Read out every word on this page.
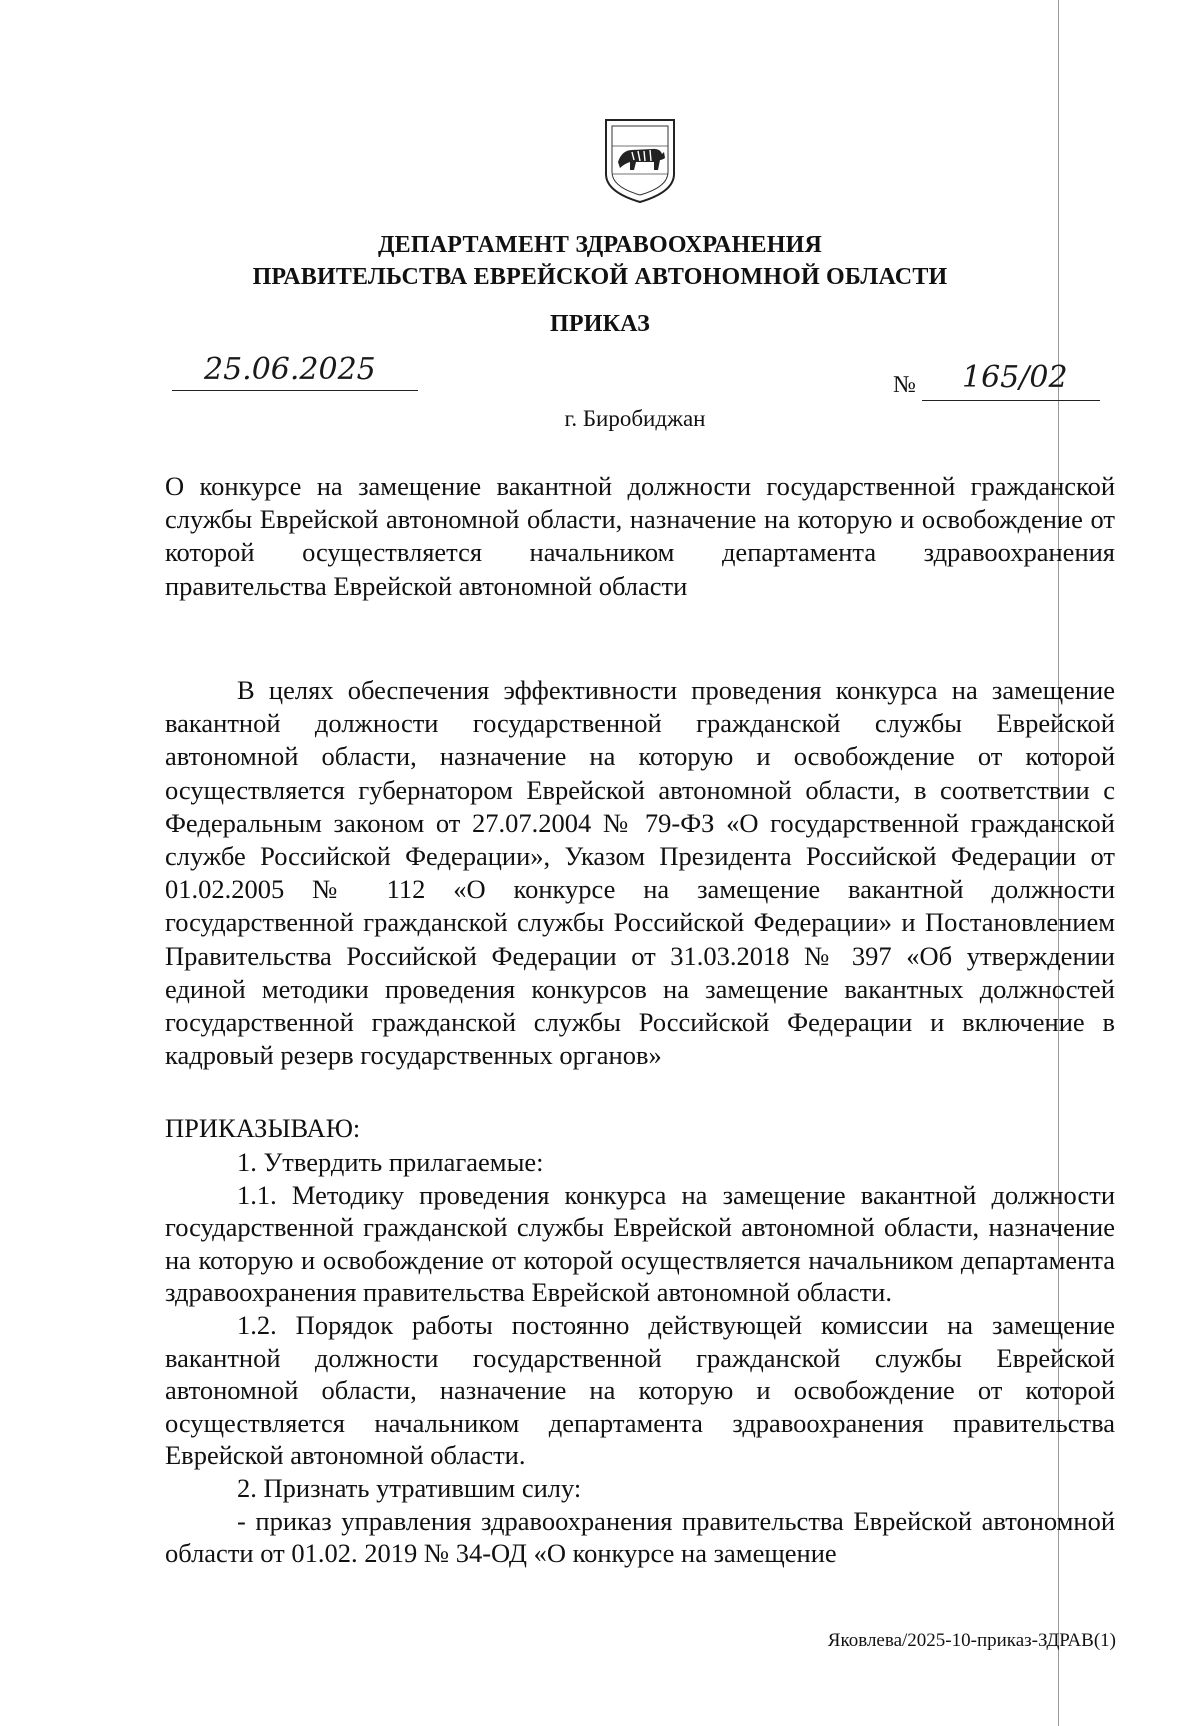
ДЕПАРТАМЕНТ ЗДРАВООХРАНЕНИЯ
ПРАВИТЕЛЬСТВА ЕВРЕЙСКОЙ АВТОНОМНОЙ ОБЛАСТИ
ПРИКАЗ
25.06.2025	№ 165/02
г. Биробиджан

О конкурсе на замещение вакантной должности государственной гражданской службы Еврейской автономной области, назначение на которую и освобождение от которой осуществляется начальником департамента здравоохранения правительства Еврейской автономной области

В целях обеспечения эффективности проведения конкурса на замещение вакантной должности государственной гражданской службы Еврейской автономной области, назначение на которую и освобождение от которой осуществляется губернатором Еврейской автономной области, в соответствии с Федеральным законом от 27.07.2004 № 79-ФЗ «О государственной гражданской службе Российской Федерации», Указом Президента Российской Федерации от 01.02.2005 № 112 «О конкурсе на замещение вакантной должности государственной гражданской службы Российской Федерации» и Постановлением Правительства Российской Федерации от 31.03.2018 № 397 «Об утверждении единой методики проведения конкурсов на замещение вакантных должностей государственной гражданской службы Российской Федерации и включение в кадровый резерв государственных органов»

ПРИКАЗЫВАЮ:

1. Утвердить прилагаемые:

1.1. Методику проведения конкурса на замещение вакантной должности государственной гражданской службы Еврейской автономной области, назначение на которую и освобождение от которой осуществляется начальником департамента здравоохранения правительства Еврейской автономной области.

1.2. Порядок работы постоянно действующей комиссии на замещение вакантной должности государственной гражданской службы Еврейской автономной области, назначение на которую и освобождение от которой осуществляется начальником департамента здравоохранения правительства Еврейской автономной области.

2. Признать утратившим силу:

- приказ управления здравоохранения правительства Еврейской автономной области от 01.02. 2019 № 34-ОД «О конкурсе на замещение

Яковлева/2025-10-приказ-ЗДРАВ(1)
